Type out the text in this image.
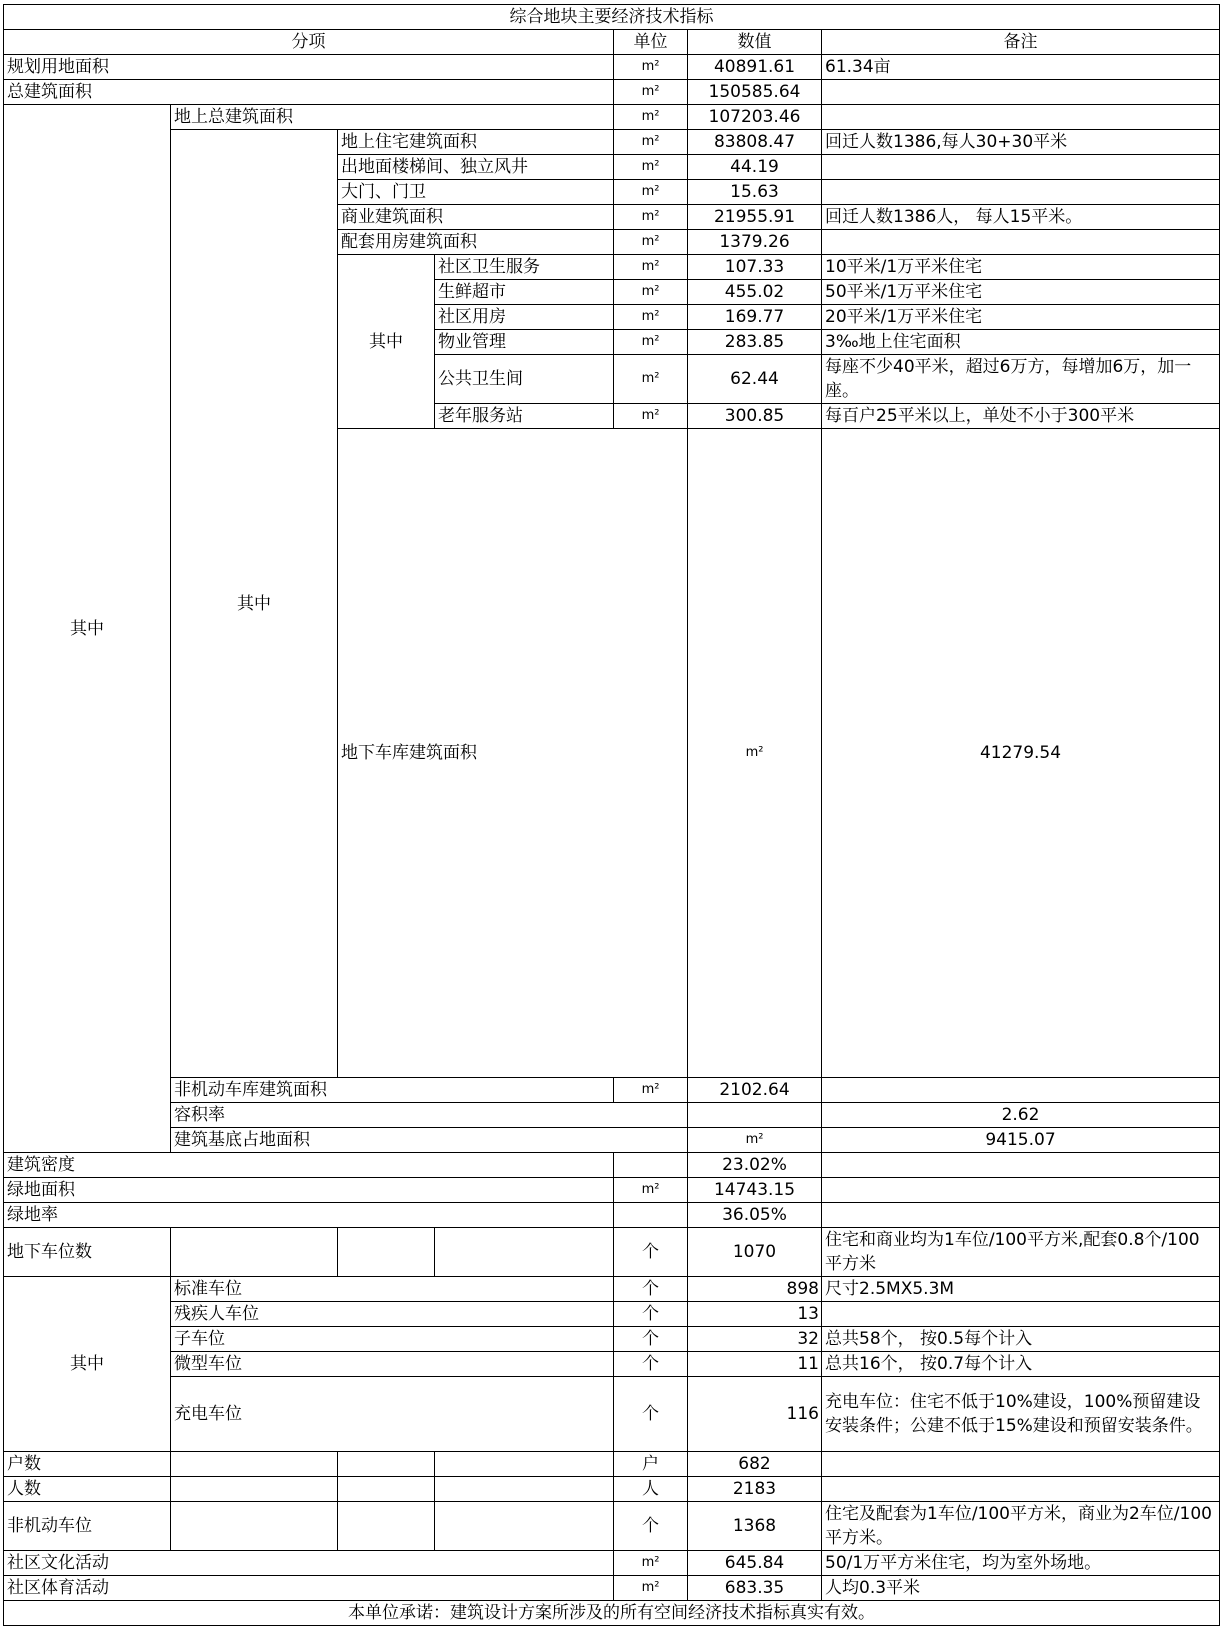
综合地块主要经济技术指标							
分项				单位	数值	备注	
规划用地面积				m²	40891.61	61.34亩	
总建筑面积				m²	150585.64		
其中	地上总建筑面积			m²	107203.46		
	其中	地上住宅建筑面积		m²	83808.47	回迁人数1386,每人30+30平米	
		出地面楼梯间、独立风井		m²	44.19		
		大门、门卫		m²	15.63		
		商业建筑面积		m²	21955.91	回迁人数1386人， 每人15平米。	
		配套用房建筑面积		m²	1379.26		
		其中	社区卫生服务	m²	107.33	10平米/1万平米住宅	
			生鲜超市	m²	455.02	50平米/1万平米住宅	
			社区用房	m²	169.77	20平米/1万平米住宅	
			物业管理	m²	283.85	3‰地上住宅面积	
			公共卫生间	m²	62.44	每座不少40平米，超过6万方，每增加6万，加一座。	
			老年服务站	m²	300.85	每百户25平米以上，单处不小于300平米	
		地下车库建筑面积			m²	41279.54	
	非机动车库建筑面积			m²	2102.64		
	容积率					2.62	
	建筑基底占地面积				m²	9415.07	
建筑密度					23.02%		
绿地面积				m²	14743.15		
绿地率					36.05%		
地下车位数				个	1070	住宅和商业均为1车位/100平方米,配套0.8个/100平方米	
其中	标准车位			个	898	尺寸2.5MX5.3M	
	残疾人车位			个	13		
	子车位			个	32	总共58个， 按0.5每个计入	
	微型车位			个	11	总共16个， 按0.7每个计入	
	充电车位			个	116	充电车位：住宅不低于10%建设，100%预留建设安装条件；公建不低于15%建设和预留安装条件。	
户数				户	682		
人数				人	2183		
非机动车位				个	1368	住宅及配套为1车位/100平方米，商业为2车位/100平方米。	
社区文化活动				m²	645.84	50/1万平方米住宅，均为室外场地。	
社区体育活动				m²	683.35	人均0.3平米	
本单位承诺：建筑设计方案所涉及的所有空间经济技术指标真实有效。							
